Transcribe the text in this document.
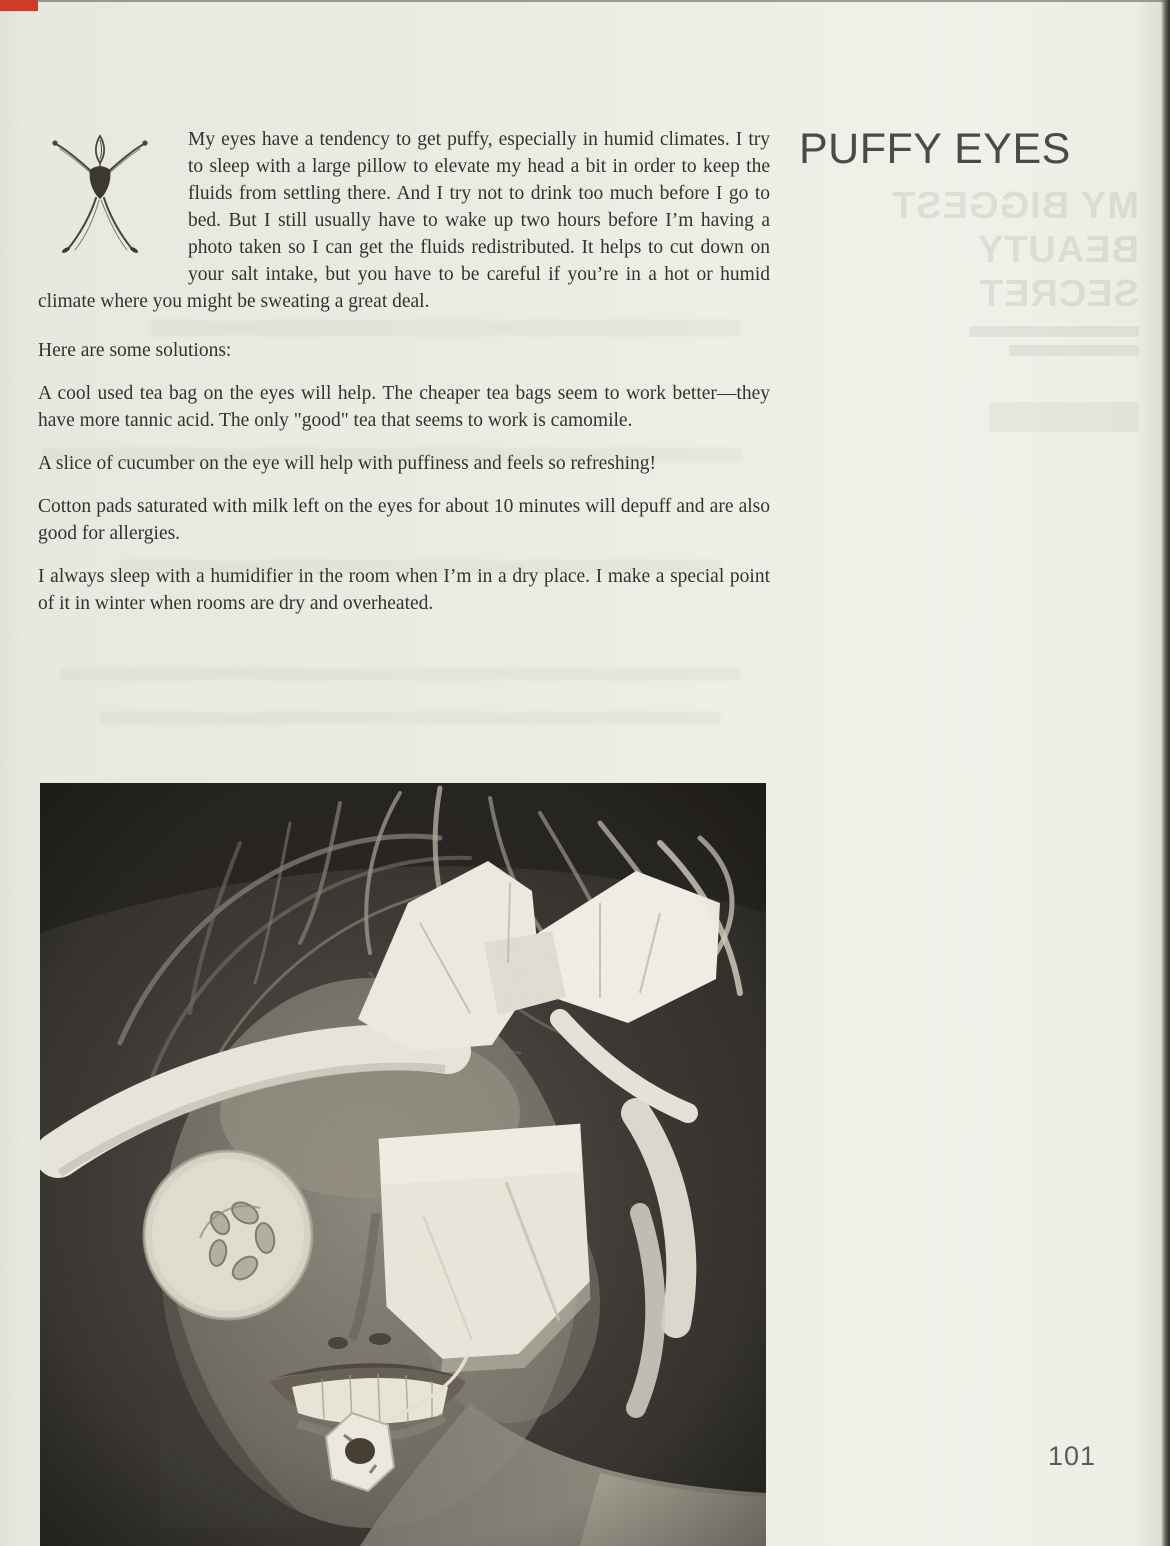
My eyes have a tendency to get puffy, especially in humid climates. I try to sleep with a large pillow to elevate my head a bit in order to keep the fluids from settling there. And I try not to drink too much before I go to bed. But I still usually have to wake up two hours before I’m having a photo taken so I can get the fluids redistributed. It helps to cut down on your salt intake, but you have to be careful if you’re in a hot or humid climate where you might be sweating a great deal.

Here are some solutions:

A cool used tea bag on the eyes will help. The cheaper tea bags seem to work better—they have more tannic acid. The only "good" tea that seems to work is camomile.

A slice of cucumber on the eye will help with puffiness and feels so refreshing!

Cotton pads saturated with milk left on the eyes for about 10 minutes will depuff and are also good for allergies.

I always sleep with a humidifier in the room when I’m in a dry place. I make a special point of it in winter when rooms are dry and overheated.

PUFFY EYES
MY BIGGEST
BEAUTY
SECRET
101
